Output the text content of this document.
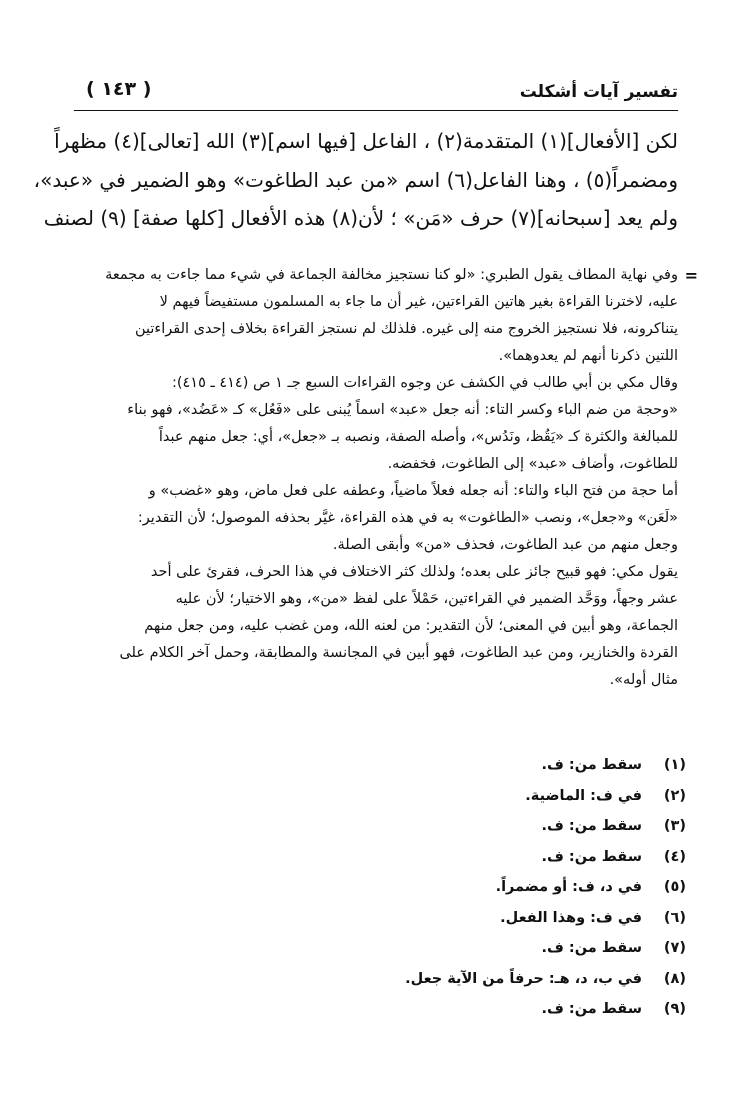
تفسير آيات أشكلت
( ١٤٣ )
لكن [الأفعال](١) المتقدمة(٢) ، الفاعل [فيها اسم](٣) الله [تعالى](٤) مظهراً
ومضمراً(٥) ، وهنا الفاعل(٦) اسم «من عبد الطاغوت» وهو الضمير في «عبد»،
ولم يعد [سبحانه](٧) حرف «مَن» ؛ لأن(٨) هذه الأفعال [كلها صفة] (٩) لصنف
=
وفي نهاية المطاف يقول الطبري: «لو كنا نستجيز مخالفة الجماعة في شيء مما جاءت به مجمعة
عليه، لاخترنا القراءة بغير هاتين القراءتين، غير أن ما جاء به المسلمون مستفيضاً فيهم لا
يتناكرونه، فلا نستجيز الخروج منه إلى غيره. فلذلك لم نستجز القراءة بخلاف إحدى القراءتين
اللتين ذكرنا أنهم لم يعدوهما».
وقال مكي بن أبي طالب في الكشف عن وجوه القراءات السبع جـ ١ ص (٤١٤ ـ ٤١٥):
«وحجة من ضم الباء وكسر التاء: أنه جعل «عبد» اسماً يُبنى على «فَعُل» كـ «عَضُد»، فهو بناء
للمبالغة والكثرة كـ «يَقُظ، ونَدُس»، وأصله الصفة، ونصبه بـ «جعل»، أي: جعل منهم عبداً
للطاغوت، وأضاف «عبد» إلى الطاغوت، فخفضه.
أما حجة من فتح الباء والتاء: أنه جعله فعلاً ماضياً، وعطفه على فعل ماض، وهو «غضب» و
«لَعَن» و«جعل»، ونصب «الطاغوت» به في هذه القراءة، غيَّر بحذفه الموصول؛ لأن التقدير:
وجعل منهم من عبد الطاغوت، فحذف «من» وأبقى الصلة.
يقول مكي: فهو قبيح جائز على بعده؛ ولذلك كثر الاختلاف في هذا الحرف، فقرئ على أحد
عشر وجهاً، ووَحَّد الضمير في القراءتين، حَمْلاً على لفظ «من»، وهو الاختيار؛ لأن عليه
الجماعة، وهو أبين في المعنى؛ لأن التقدير: من لعنه الله، ومن غضب عليه، ومن جعل منهم
القردة والخنازير، ومن عبد الطاغوت، فهو أبين في المجانسة والمطابقة، وحمل آخر الكلام على
مثال أوله».
(١)سقط من: ف.
(٢)في ف: الماضية.
(٣)سقط من: ف.
(٤)سقط من: ف.
(٥)في د، ف: أو مضمراً.
(٦)في ف: وهذا الفعل.
(٧)سقط من: ف.
(٨)في ب، د، هـ: حرفاً من الآية جعل.
(٩)سقط من: ف.
